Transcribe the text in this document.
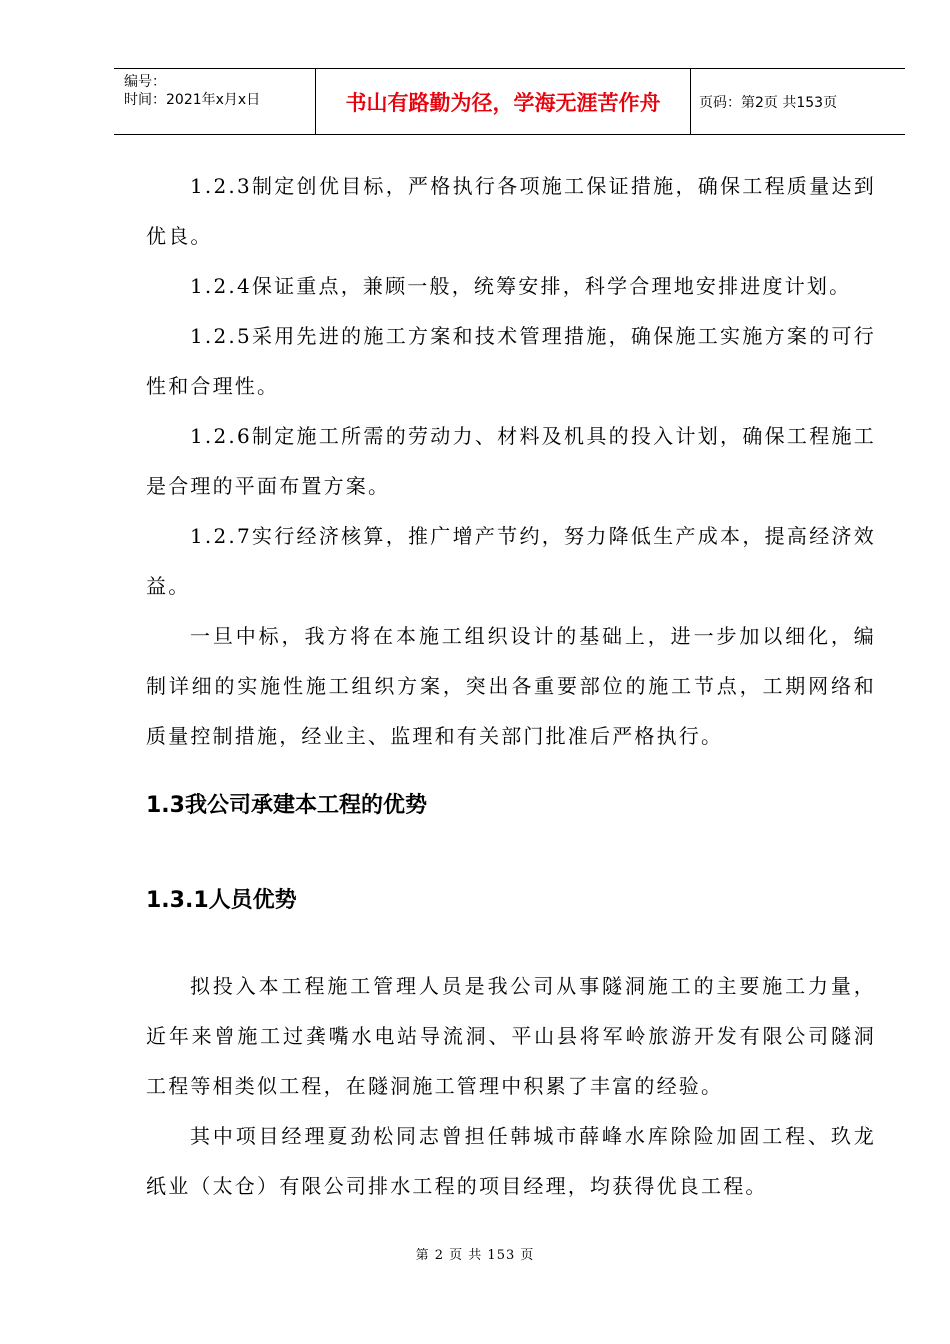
编号：
时间：2021年x月x日	书山有路勤为径，学海无涯苦作舟	页码：第2页 共153页

1.2.3制定创优目标，严格执行各项施工保证措施，确保工程质量达到优良。

1.2.4保证重点，兼顾一般，统筹安排，科学合理地安排进度计划。

1.2.5采用先进的施工方案和技术管理措施，确保施工实施方案的可行性和合理性。

1.2.6制定施工所需的劳动力、材料及机具的投入计划，确保工程施工是合理的平面布置方案。

1.2.7实行经济核算，推广增产节约，努力降低生产成本，提高经济效益。

一旦中标，我方将在本施工组织设计的基础上，进一步加以细化，编制详细的实施性施工组织方案，突出各重要部位的施工节点，工期网络和质量控制措施，经业主、监理和有关部门批准后严格执行。

1.3我公司承建本工程的优势
1.3.1人员优势

拟投入本工程施工管理人员是我公司从事隧洞施工的主要施工力量，近年来曾施工过龚嘴水电站导流洞、平山县将军岭旅游开发有限公司隧洞工程等相类似工程，在隧洞施工管理中积累了丰富的经验。

其中项目经理夏劲松同志曾担任韩城市薛峰水库除险加固工程、玖龙纸业（太仓）有限公司排水工程的项目经理，均获得优良工程。

第 2 页 共 153 页
